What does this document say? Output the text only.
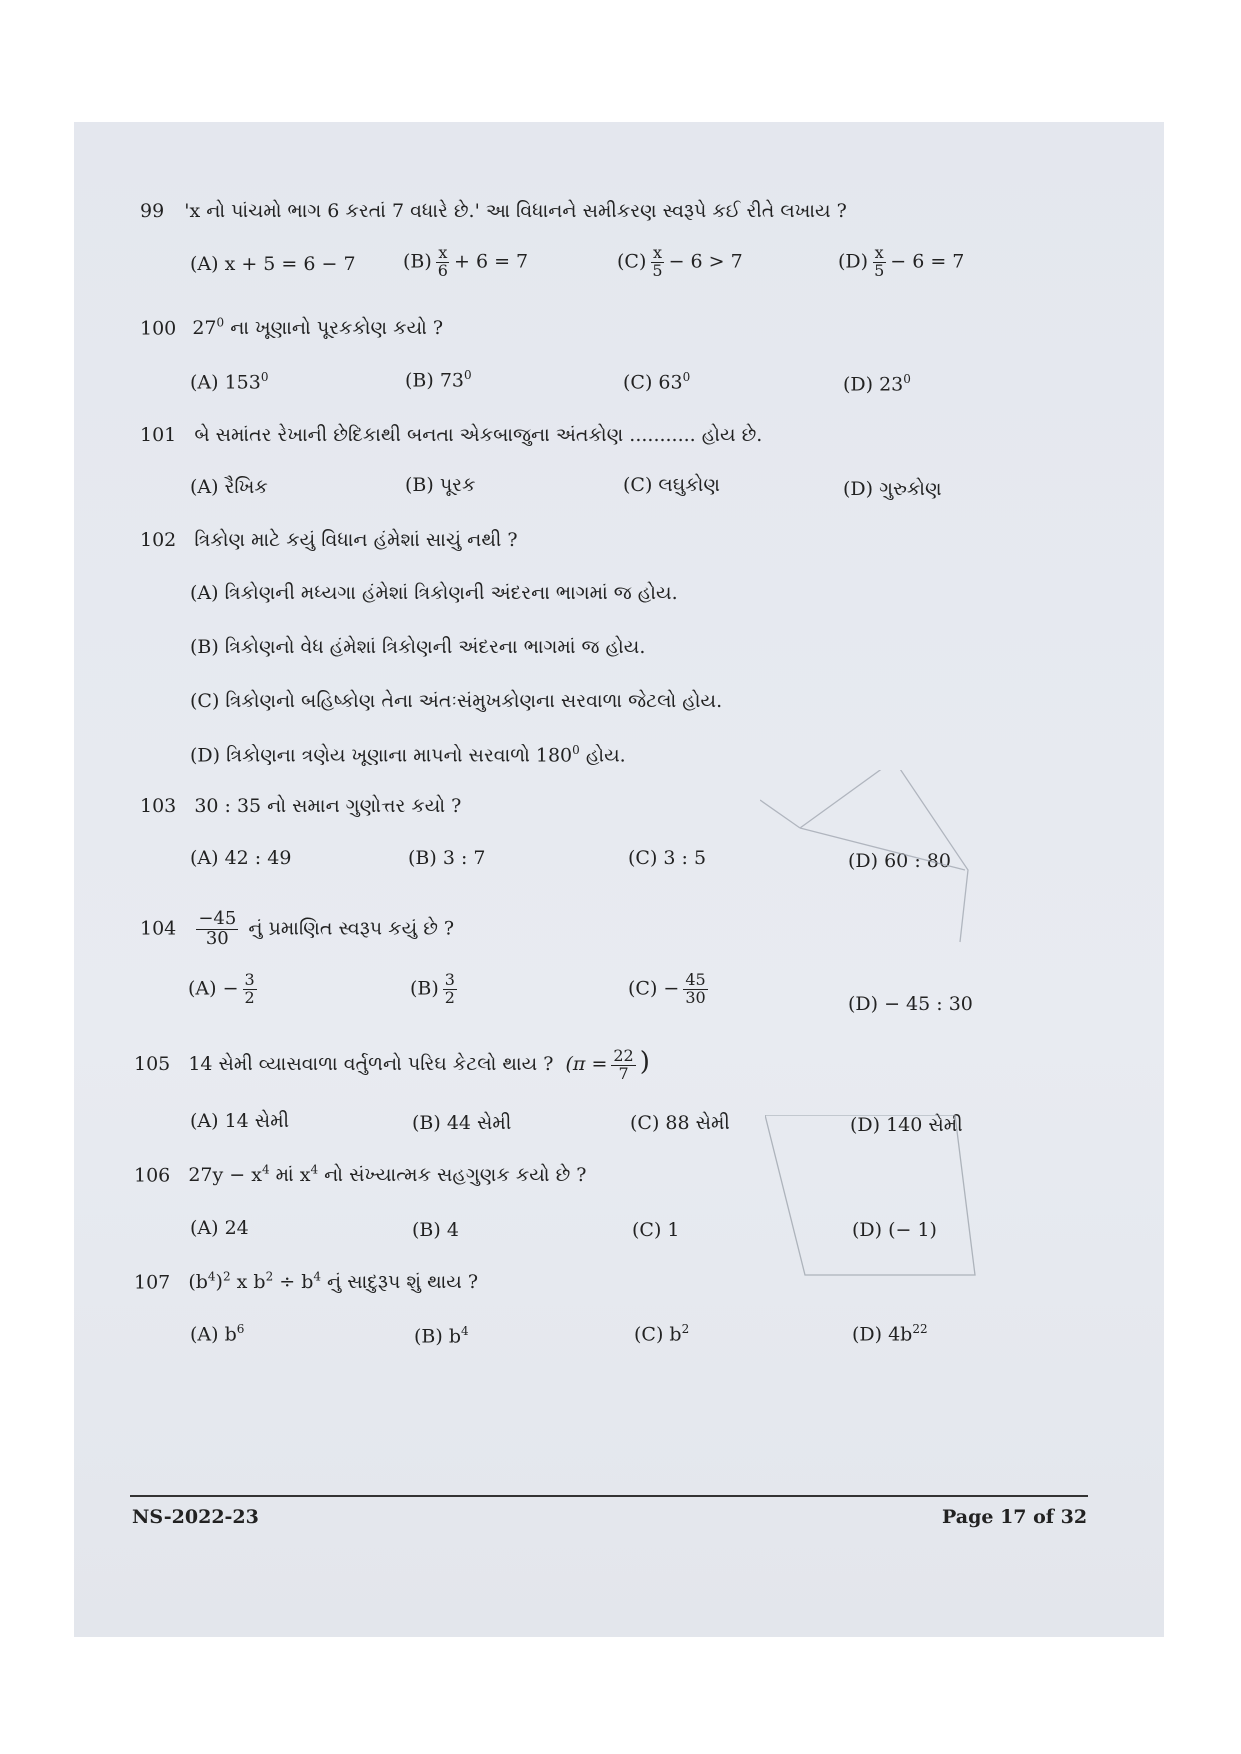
99 'x નો પાંચમો ભાગ 6 કરતાં 7 વધારે છે.' આ વિધાનને સમીકરણ સ્વરૂપે કઈ રીતે લખાય ?
(A) x + 5 = 6 − 7 $(B) \frac{x}{6} + 6 = 7$	$(C) \frac{x}{5} - 6 > 7$	$(D) \frac{x}{5} - 6 = 7$
100 $27^0$ ના ખૂણાનો પૂરકકોણ કયો ?
(A) $153^0$	(B) $73^0$	(C) $63^0$	(D) $23^0$
101 બે સમાંતર રેખાની છેદિકાથી બનતા એકબાજુના અંતકોણ ........... હોય છે.
(A) રૈખિક	(B) પૂરક	(C) લઘુકોણ	(D) ગુરુકોણ
102 ત્રિકોણ માટે કયું વિધાન હંમેશાં સાચું નથી ?
(A) ત્રિકોણની મધ્યગા હંમેશાં ત્રિકોણની અંદરના ભાગમાં જ હોય.
(B) ત્રિકોણનો વેધ હંમેશાં ત્રિકોણની અંદરના ભાગમાં જ હોય.
(C) ત્રિકોણનો બહિષ્કોણ તેના અંતઃસંમુખકોણના સરવાળા જેટલો હોય.
(D) ત્રિકોણના ત્રણેય ખૂણાના માપનો સરવાળો $180^0$ હોય.
103 30 : 35 નો સમાન ગુણોત્તર કયો ?
(A) 42 : 49	(B) 3 : 7	(C) 3 : 5	(D) 60 : 80
$104 \frac{-45}{30}$ નું પ્રમાણિત સ્વરૂપ કયું છે ?
$(A) - \frac{3}{2}$	$(B) \frac{3}{2}$	$(C) - \frac{45}{30}$	(D) − 45 : 30
105 14 સેમી વ્યાસવાળા વર્તુળનો પરિઘ કેટલો થાય ? ($\pi = \frac{22}{7}$ )
(A) 14 સેમી	(B) 44 સેમી	(C) 88 સેમી	(D) 140 સેમી
106 $27y - x^4$ માં $x^4$ નો સંખ્યાત્મક સહગુણક કયો છે ?
(A) 24	(B) 4	(C) 1	(D) (− 1)
107 $(b^4)^2$ x $b^2 \div b^4$ નું સાદુરૂપ શું થાય ?
(A) $b^6$	(B) $b^4$	(C) $b^2$	(D) $4b^{22}$
NS-2022-23	Page 17 of 32
